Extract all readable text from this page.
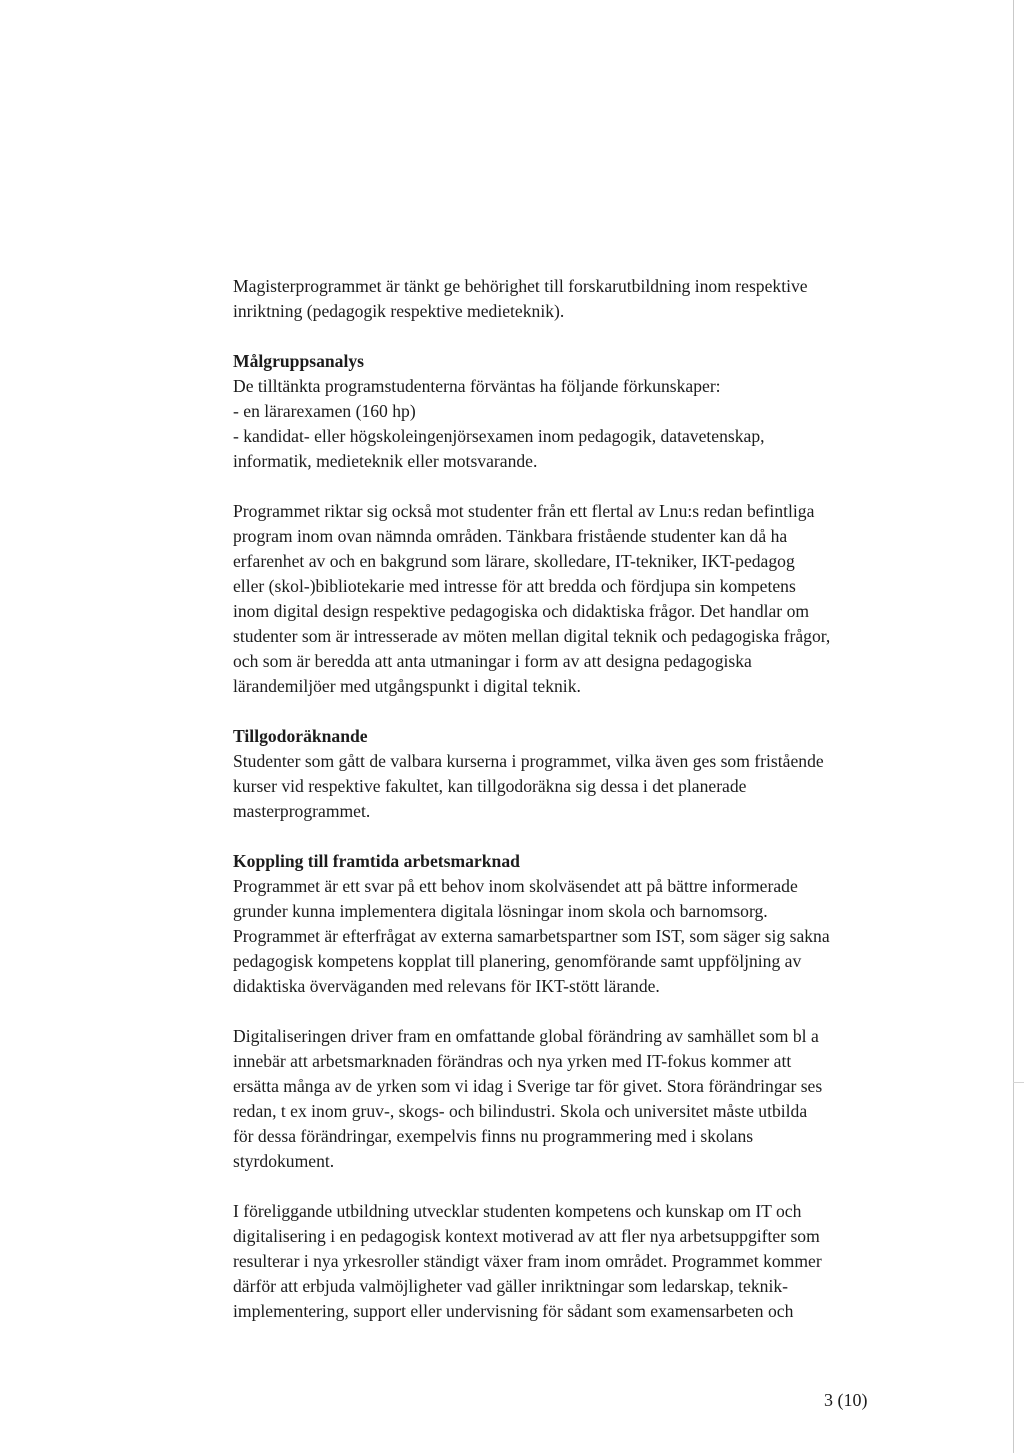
Magisterprogrammet är tänkt ge behörighet till forskarutbildning inom respektive
inriktning (pedagogik respektive medieteknik).
Målgruppsanalys
De tilltänkta programstudenterna förväntas ha följande förkunskaper:
- en lärarexamen (160 hp)
- kandidat- eller högskoleingenjörsexamen inom pedagogik, datavetenskap,
informatik, medieteknik eller motsvarande.
Programmet riktar sig också mot studenter från ett flertal av Lnu:s redan befintliga
program inom ovan nämnda områden. Tänkbara fristående studenter kan då ha
erfarenhet av och en bakgrund som lärare, skolledare, IT-tekniker, IKT-pedagog
eller (skol-)bibliotekarie med intresse för att bredda och fördjupa sin kompetens
inom digital design respektive pedagogiska och didaktiska frågor. Det handlar om
studenter som är intresserade av möten mellan digital teknik och pedagogiska frågor,
och som är beredda att anta utmaningar i form av att designa pedagogiska
lärandemiljöer med utgångspunkt i digital teknik.
Tillgodoräknande
Studenter som gått de valbara kurserna i programmet, vilka även ges som fristående
kurser vid respektive fakultet, kan tillgodoräkna sig dessa i det planerade
masterprogrammet.
Koppling till framtida arbetsmarknad
Programmet är ett svar på ett behov inom skolväsendet att på bättre informerade
grunder kunna implementera digitala lösningar inom skola och barnomsorg.
Programmet är efterfrågat av externa samarbetspartner som IST, som säger sig sakna
pedagogisk kompetens kopplat till planering, genomförande samt uppföljning av
didaktiska överväganden med relevans för IKT-stött lärande.
Digitaliseringen driver fram en omfattande global förändring av samhället som bl a
innebär att arbetsmarknaden förändras och nya yrken med IT-fokus kommer att
ersätta många av de yrken som vi idag i Sverige tar för givet. Stora förändringar ses
redan, t ex inom gruv-, skogs- och bilindustri. Skola och universitet måste utbilda
för dessa förändringar, exempelvis finns nu programmering med i skolans
styrdokument.
I föreliggande utbildning utvecklar studenten kompetens och kunskap om IT och
digitalisering i en pedagogisk kontext motiverad av att fler nya arbetsuppgifter som
resulterar i nya yrkesroller ständigt växer fram inom området. Programmet kommer
därför att erbjuda valmöjligheter vad gäller inriktningar som ledarskap, teknik-
implementering, support eller undervisning för sådant som examensarbeten och
3 (10)
